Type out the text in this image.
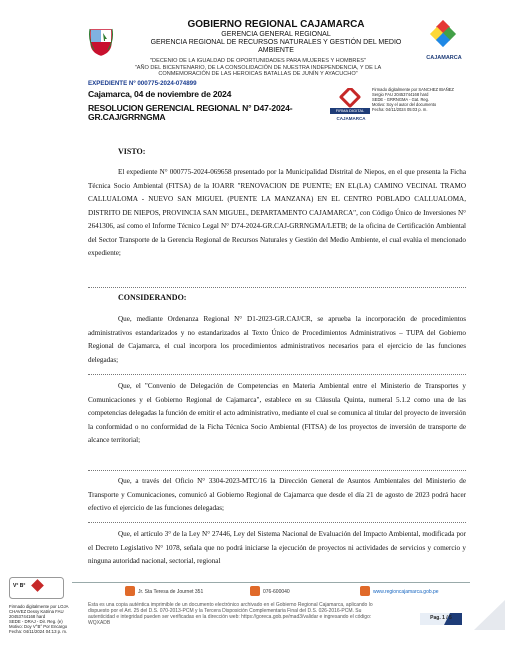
GOBIERNO REGIONAL CAJAMARCA
GERENCIA GENERAL REGIONAL
GERENCIA REGIONAL DE RECURSOS NATURALES Y GESTIÓN DEL MEDIO
AMBIENTE
CAJAMARCA
"DECENIO DE LA IGUALDAD DE OPORTUNIDADES PARA MUJERES Y HOMBRES"
"AÑO DEL BICENTENARIO, DE LA CONSOLIDACIÓN DE NUESTRA INDEPENDENCIA, Y DE LA
CONMEMORACIÓN DE LAS HEROICAS BATALLAS DE JUNÍN Y AYACUCHO"
EXPEDIENTE Nº 000775-2024-074899
Cajamarca, 04 de noviembre de 2024
RESOLUCION GERENCIAL REGIONAL N° D47-2024-
GR.CAJ/GRRNGMA
FIRMA DIGITAL
CAJAMARCA
Firmado digitalmente por SANCHEZ IBAÑEZ
Sergio FAU 20453744168 hard
SEDE - GRRNGMA - Gat. Reg.
Motivo: Soy el autor del documento
Fecha: 04/11/2024 05:03 p. m.
VISTO:
El expediente N° 000775-2024-069658 presentado por la Municipalidad Distrital de Niepos, en el que presenta la Ficha Técnica Socio Ambiental (FITSA) de la IOARR "RENOVACION DE PUENTE; EN EL(LA) CAMINO VECINAL TRAMO CALLUALOMA - NUEVO SAN MIGUEL (PUENTE LA MANZANA) EN EL CENTRO POBLADO CALLUALOMA, DISTRITO DE NIEPOS, PROVINCIA SAN MIGUEL, DEPARTAMENTO CAJAMARCA", con Código Único de Inversiones N° 2641306, así como el Informe Técnico Legal N° D74-2024-GR.CAJ-GRRNGMA/LETB; de la oficina de Certificación Ambiental del Sector Transporte de la Gerencia Regional de Recursos Naturales y Gestión del Medio Ambiente, el cual evalúa el mencionado expediente;
CONSIDERANDO:
Que, mediante Ordenanza Regional N° D1-2023-GR.CAJ/CR, se aprueba la incorporación de procedimientos administrativos estandarizados y no estandarizados al Texto Único de Procedimientos Administrativos – TUPA del Gobierno Regional de Cajamarca, el cual incorpora los procedimientos administrativos necesarios para el ejercicio de las funciones delegadas;
Que, el "Convenio de Delegación de Competencias en Materia Ambiental entre el Ministerio de Transportes y Comunicaciones y el Gobierno Regional de Cajamarca", establece en su Cláusula Quinta, numeral 5.1.2 como una de las competencias delegadas la función de emitir el acto administrativo, mediante el cual se comunica al titular del proyecto de inversión la conformidad o no conformidad de la Ficha Técnica Socio Ambiental (FITSA) de los proyectos de inversión de transporte de alcance territorial;
Que, a través del Oficio N° 3304-2023-MTC/16 la Dirección General de Asuntos Ambientales del Ministerio de Transporte y Comunicaciones, comunicó al Gobierno Regional de Cajamarca que desde el día 21 de agosto de 2023 podrá hacer efectivo el ejercicio de las funciones delegadas;
Que, el artículo 3° de la Ley N° 27446, Ley del Sistema Nacional de Evaluación del Impacto Ambiental, modificada por el Decreto Legislativo N° 1078, señala que no podrá iniciarse la ejecución de proyectos ni actividades de servicios y comercio y ninguna autoridad nacional, sectorial, regional
V° B°
Jr. Sta Teresa de Journet 351	076-600040	www.regioncajamarca.gob.pe
Firmado digitalmente por LOJA
CHAVEZ Dessy Katrina FAU
20453744168 hard
SEDE - DRAJ - Dir. Reg. (e)
Motivo: Doy V°B° Por Encargo
Fecha: 04/11/2024 04:13 p. m.
Esta es una copia auténtica imprimible de un documento electrónico archivado en el Gobierno Regional Cajamarca, aplicando lo
dispuesto por el Art. 25 del D.S. 070-2013-PCM y la Tercera Disposición Complementaria Final del D.S. 026-2016-PCM. Su
autenticidad e integridad pueden ser verificadas en la dirección web: https://goreca.gob.pe/mad3/validar e ingresando el código:
WQXADB
Pag. 1 / 5
